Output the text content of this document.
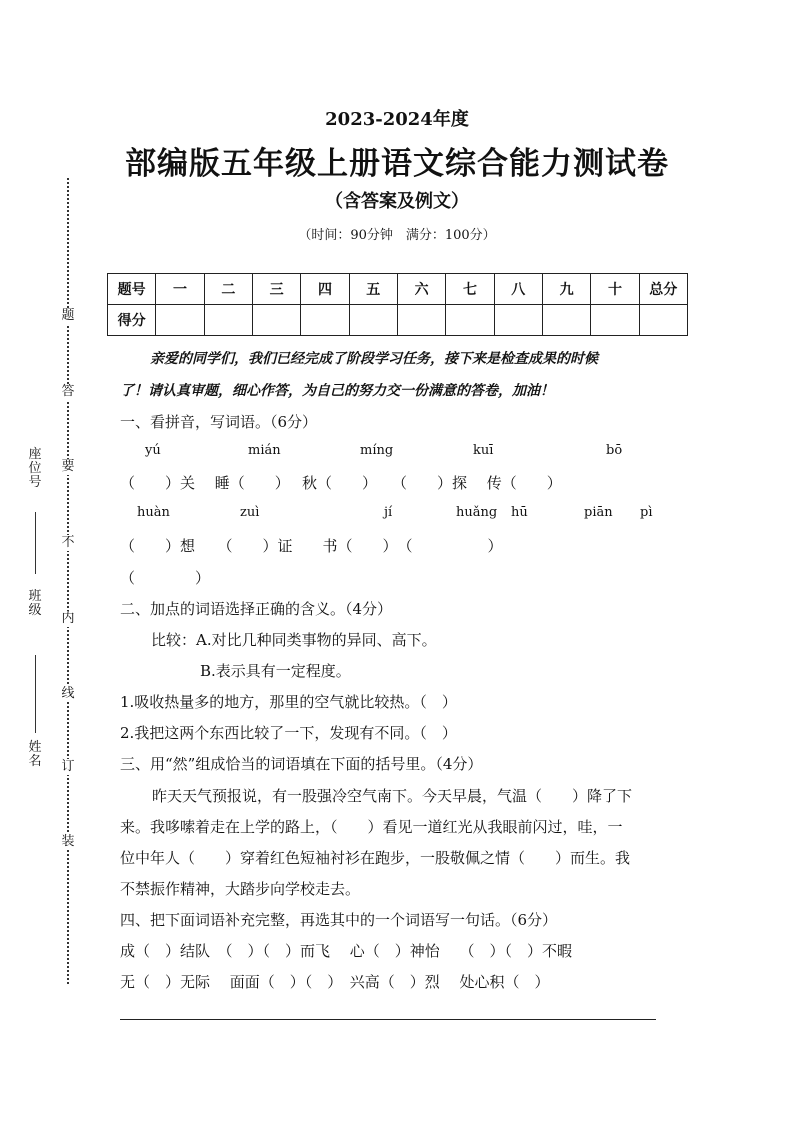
2023-2024年度
部编版五年级上册语文综合能力测试卷
（含答案及例文）
（时间：90分钟　满分：100分）
题
答
要
不
内
线
订
装
座位号
班级
姓名
题号	一	二	三	四	五	六	七	八	九	十	总分
得分											
亲爱的同学们，我们已经完成了阶段学习任务，接下来是检查成果的时候
了！请认真审题，细心作答，为自己的努力交一份满意的答卷，加油！
一、看拼音，写词语。（6分）
yú	mián	míng	kuī	bō
（　　）关　 睡（　　）　 秋（　　）　　（　　）探　 传（　　）
huàn	zuì	jí	huǎng hū	piān pì
（　　）想　　（　　）证　　书（　　）　（　　　　　）
（　　　　）
二、加点的词语选择正确的含义。（4分）
比较：A.对比几种同类事物的异同、高下。
B.表示具有一定程度。
1.吸收热量多的地方，那里的空气就比较热。（　）
2.我把这两个东西比较了一下，发现有不同。（　）
三、用“然”组成恰当的词语填在下面的括号里。（4分）
昨天天气预报说，有一股强冷空气南下。今天早晨，气温（　　）降了下
来。我哆嗦着走在上学的路上，（　　）看见一道红光从我眼前闪过，哇，一
位中年人（　　）穿着红色短袖衬衫在跑步，一股敬佩之情（　　）而生。我
不禁振作精神，大踏步向学校走去。
四、把下面词语补充完整，再选其中的一个词语写一句话。（6分）
成（　）结队　（　）（　）而飞　 心（　）神怡　 （　）（　）不暇
无（　）无际　 面面（　）（　）　兴高（　）烈　 处心积（　）
